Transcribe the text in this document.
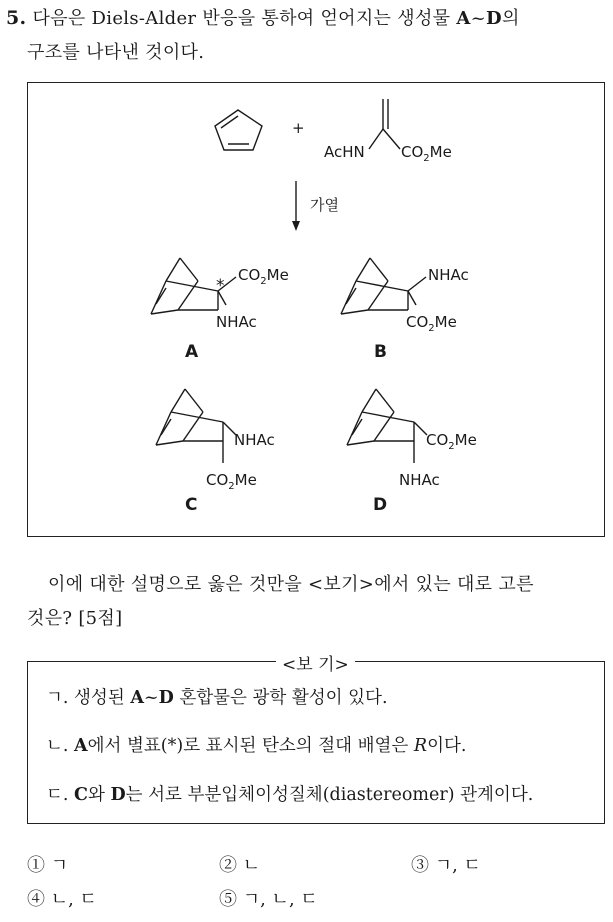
5. 다음은 Diels-Alder 반응을 통하여 얻어지는 생성물 A~D의
구조를 나타낸 것이다.
+
AcHN $CO_2Me$
가열
*
$CO_2Me$
NHAc
A
NHAc
$CO_2Me$
B
NHAc
$CO_2Me$
C
$CO_2Me$
NHAc
D
이에 대한 설명으로 옳은 것만을 <보기>에서 있는 대로 고른
것은? [5점]
<보 기>
ㄱ. 생성된 A~D 혼합물은 광학 활성이 있다.
ㄴ. A에서 별표(*)로 표시된 탄소의 절대 배열은 R이다.
ㄷ. C와 D는 서로 부분입체이성질체(diastereomer) 관계이다.
① ㄱ	② ㄴ	③ ㄱ, ㄷ
④ ㄴ, ㄷ	⑤ ㄱ, ㄴ, ㄷ
